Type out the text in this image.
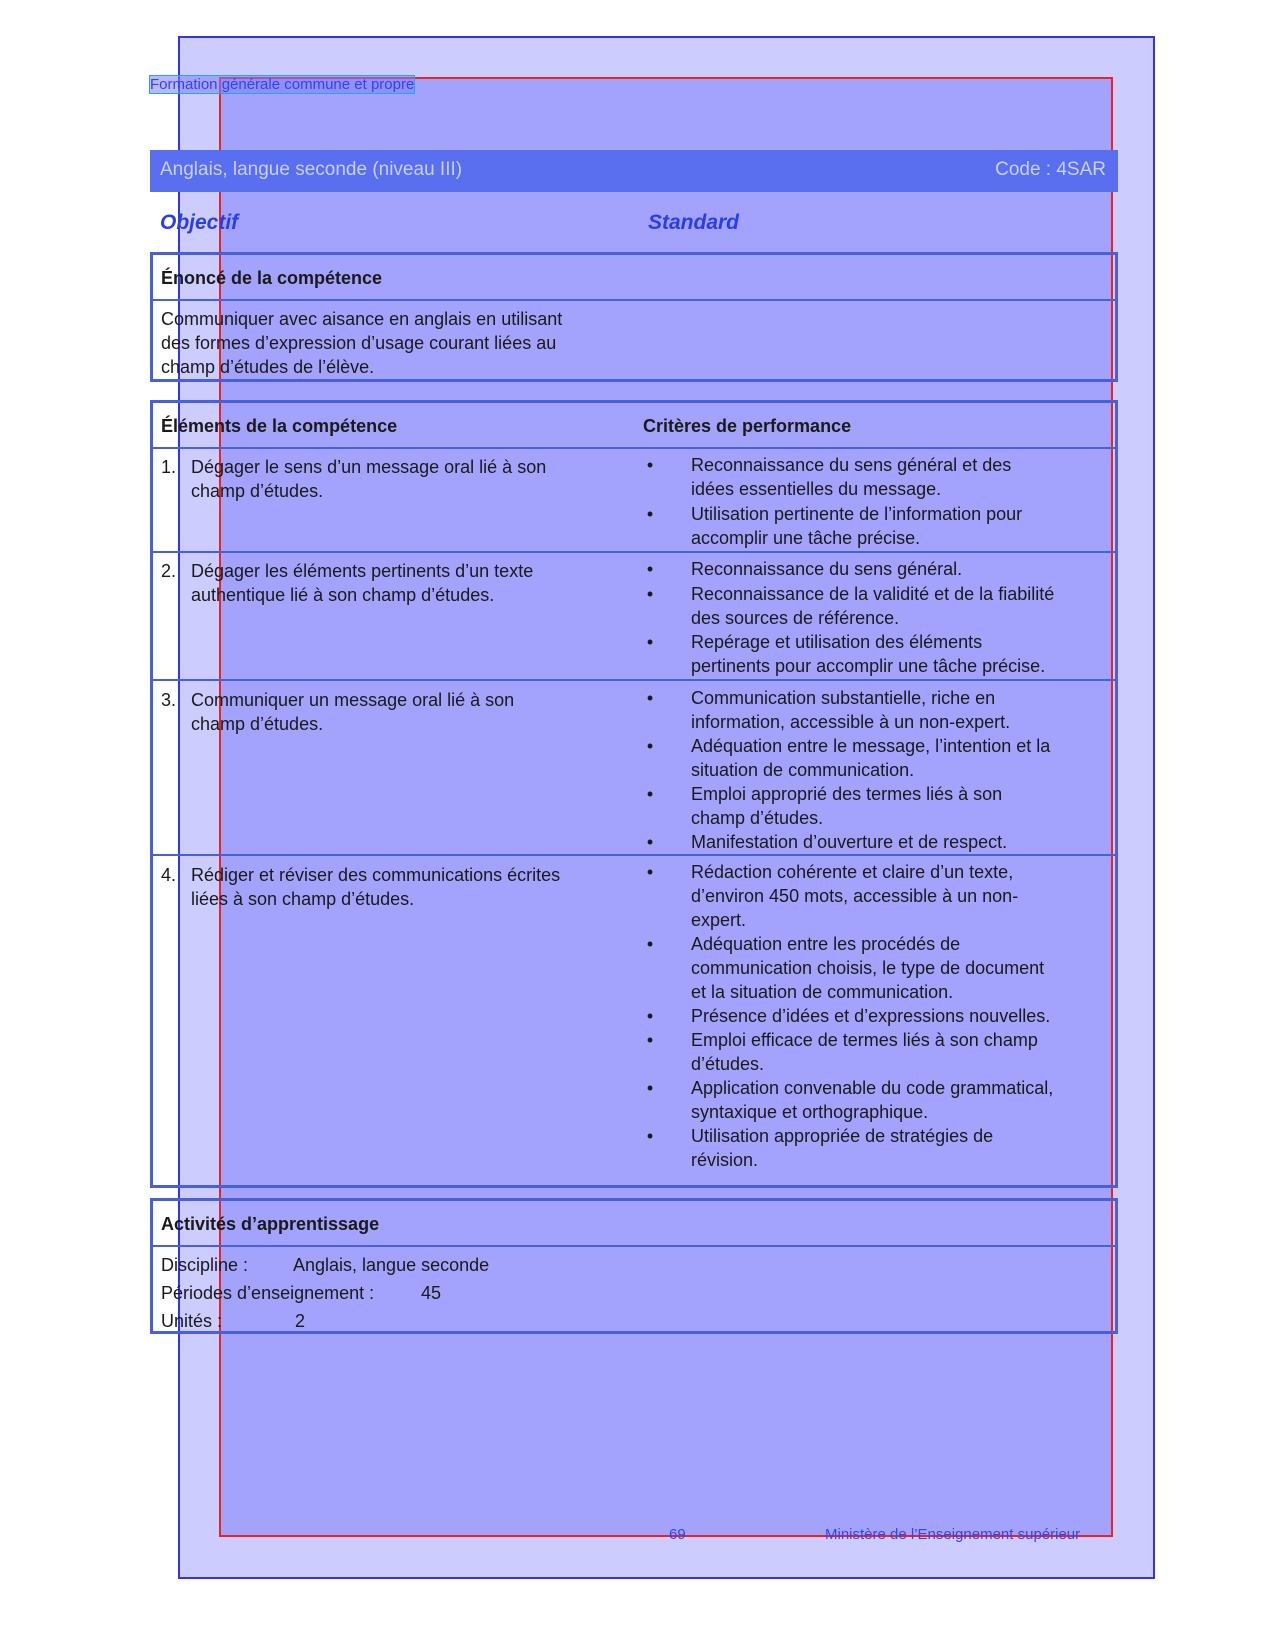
Formation générale commune et propre
Anglais, langue seconde (niveau III)	Code : 4SAR
Objectif	Standard
Énoncé de la compétence
Communiquer avec aisance en anglais en utilisant
des formes d’expression d’usage courant liées au
champ d’études de l’élève.
Éléments de la compétence	Critères de performance
1. Dégager le sens d’un message oral lié à son
champ d’études.
• Reconnaissance du sens général et des
idées essentielles du message.
• Utilisation pertinente de l’information pour
accomplir une tâche précise.
2. Dégager les éléments pertinents d’un texte
authentique lié à son champ d’études.
• Reconnaissance du sens général.
• Reconnaissance de la validité et de la fiabilité
des sources de référence.
• Repérage et utilisation des éléments
pertinents pour accomplir une tâche précise.
3. Communiquer un message oral lié à son
champ d’études.
• Communication substantielle, riche en
information, accessible à un non-expert.
• Adéquation entre le message, l’intention et la
situation de communication.
• Emploi approprié des termes liés à son
champ d’études.
• Manifestation d’ouverture et de respect.
4. Rédiger et réviser des communications écrites
liées à son champ d’études.
• Rédaction cohérente et claire d’un texte,
d’environ 450 mots, accessible à un non-
expert.
• Adéquation entre les procédés de
communication choisis, le type de document
et la situation de communication.
• Présence d’idées et d’expressions nouvelles.
• Emploi efficace de termes liés à son champ
d’études.
• Application convenable du code grammatical,
syntaxique et orthographique.
• Utilisation appropriée de stratégies de
révision.
Activités d’apprentissage
Discipline : Anglais, langue seconde
Périodes d’enseignement :	45
Unités :	2
69	Ministère de l’Enseignement supérieur
